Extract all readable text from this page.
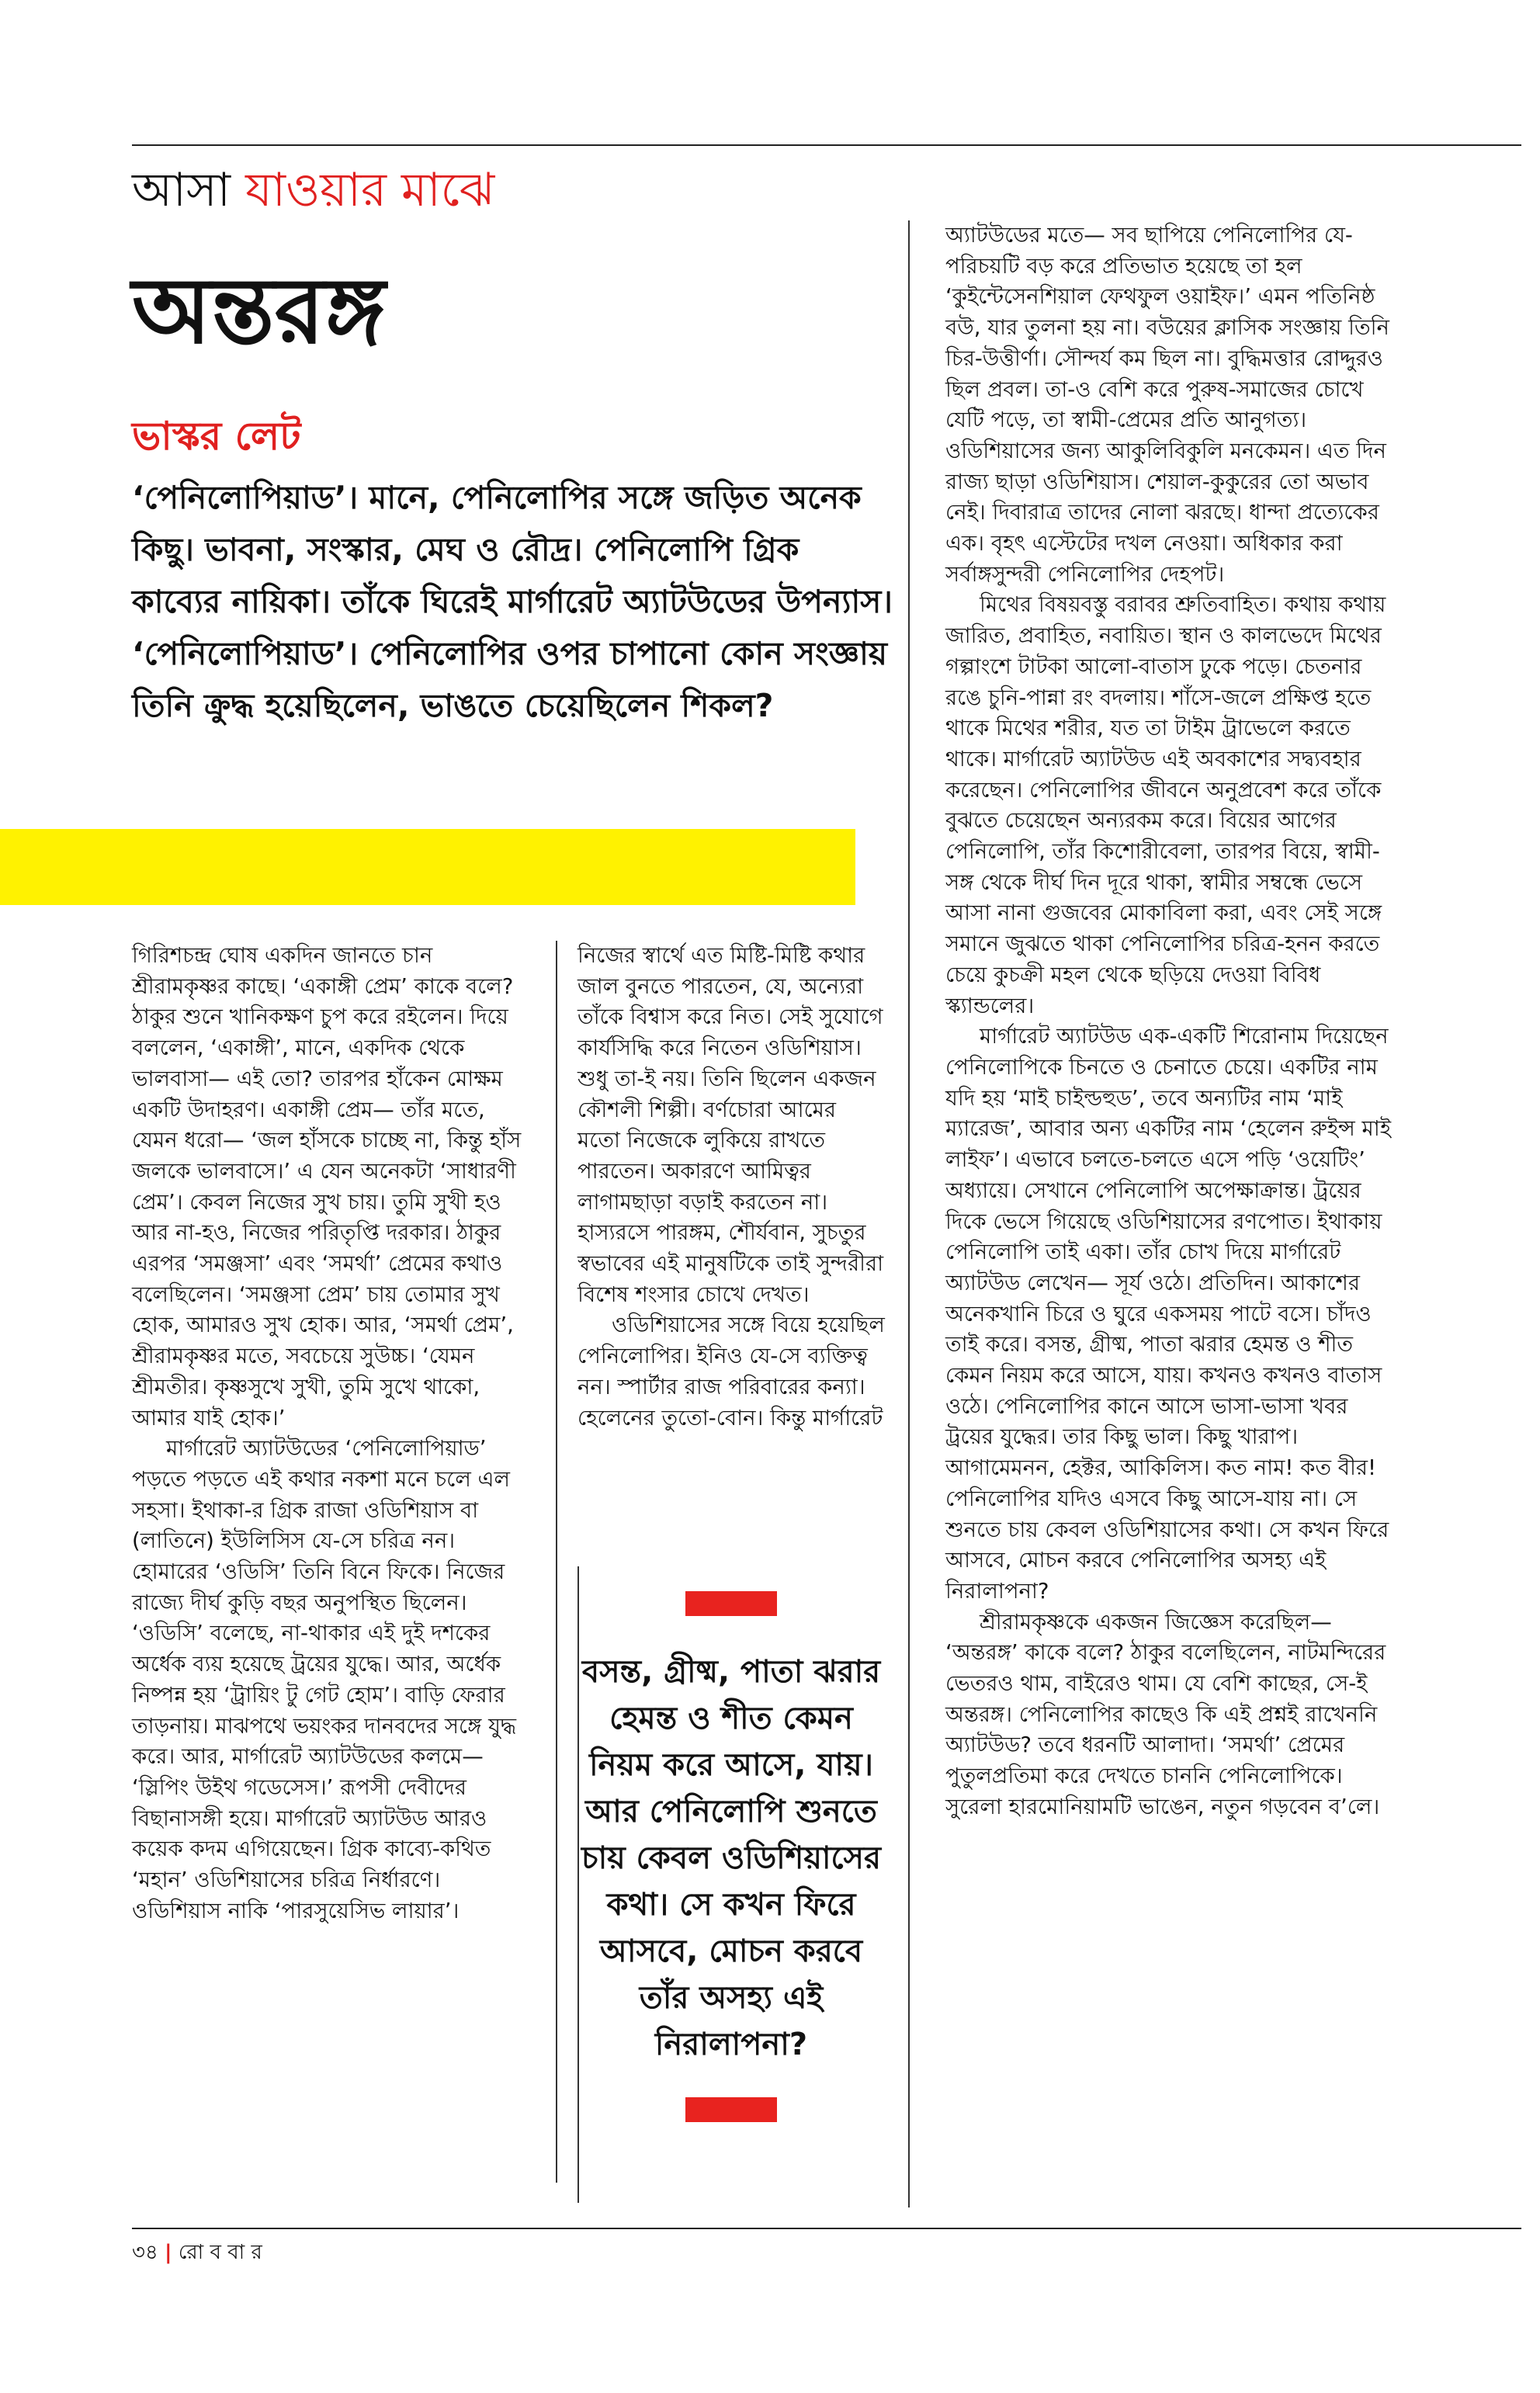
আসা যাওয়ার মাঝে
অন্তরঙ্গ
ভাস্কর লেট
‘পেনিলোপিয়াড’। মানে, পেনিলোপির সঙ্গে জড়িত অনেক কিছু। ভাবনা, সংস্কার, মেঘ ও রৌদ্র। পেনিলোপি গ্রিক কাব্যের নায়িকা। তাঁকে ঘিরেই মার্গারেট অ্যাটউডের উপন্যাস। ‘পেনিলোপিয়াড’। পেনিলোপির ওপর চাপানো কোন সংজ্ঞায় তিনি ক্রুদ্ধ হয়েছিলেন, ভাঙতে চেয়েছিলেন শিকল?

গিরিশচন্দ্র ঘোষ একদিন জানতে চান শ্রীরামকৃষ্ণর কাছে। ‘একাঙ্গী প্রেম’ কাকে বলে? ঠাকুর শুনে খানিকক্ষণ চুপ করে রইলেন। দিয়ে বললেন, ‘একাঙ্গী’, মানে, একদিক থেকে ভালবাসা— এই তো? তারপর হাঁকেন মোক্ষম একটি উদাহরণ। একাঙ্গী প্রেম— তাঁর মতে, যেমন ধরো— ‘জল হাঁসকে চাচ্ছে না, কিন্তু হাঁস জলকে ভালবাসে।’ এ যেন অনেকটা ‘সাধারণী প্রেম’। কেবল নিজের সুখ চায়। তুমি সুখী হও আর না-হও, নিজের পরিতৃপ্তি দরকার। ঠাকুর এরপর ‘সমঞ্জসা’ এবং ‘সমর্থা’ প্রেমের কথাও বলেছিলেন। ‘সমঞ্জসা প্রেম’ চায় তোমার সুখ হোক, আমারও সুখ হোক। আর, ‘সমর্থা প্রেম’, শ্রীরামকৃষ্ণর মতে, সবচেয়ে সুউচ্চ। ‘যেমন শ্রীমতীর। কৃষ্ণসুখে সুখী, তুমি সুখে থাকো, আমার যাই হোক।’

মার্গারেট অ্যাটউডের ‘পেনিলোপিয়াড’ পড়তে পড়তে এই কথার নকশা মনে চলে এল সহসা। ইথাকা-র গ্রিক রাজা ওডিশিয়াস বা (লাতিনে) ইউলিসিস যে-সে চরিত্র নন। হোমারের ‘ওডিসি’ তিনি বিনে ফিকে। নিজের রাজ্যে দীর্ঘ কুড়ি বছর অনুপস্থিত ছিলেন। ‘ওডিসি’ বলেছে, না-থাকার এই দুই দশকের অর্ধেক ব্যয় হয়েছে ট্রয়ের যুদ্ধে। আর, অর্ধেক নিষ্পন্ন হয় ‘ট্রায়িং টু গেট হোম’। বাড়ি ফেরার তাড়নায়। মাঝপথে ভয়ংকর দানবদের সঙ্গে যুদ্ধ করে। আর, মার্গারেট অ্যাটউডের কলমে— ‘স্লিপিং উইথ গডেসেস।’ রূপসী দেবীদের বিছানাসঙ্গী হয়ে। মার্গারেট অ্যাটউড আরও কয়েক কদম এগিয়েছেন। গ্রিক কাব্যে-কথিত ‘মহান’ ওডিশিয়াসের চরিত্র নির্ধারণে। ওডিশিয়াস নাকি ‘পারসুয়েসিভ লায়ার’।

নিজের স্বার্থে এত মিষ্টি-মিষ্টি কথার জাল বুনতে পারতেন, যে, অন্যেরা তাঁকে বিশ্বাস করে নিত। সেই সুযোগে কার্যসিদ্ধি করে নিতেন ওডিশিয়াস। শুধু তা-ই নয়। তিনি ছিলেন একজন কৌশলী শিল্পী। বর্ণচোরা আমের মতো নিজেকে লুকিয়ে রাখতে পারতেন। অকারণে আমিত্বর লাগামছাড়া বড়াই করতেন না। হাস্যরসে পারঙ্গম, শৌর্যবান, সুচতুর স্বভাবের এই মানুষটিকে তাই সুন্দরীরা বিশেষ শংসার চোখে দেখত।

ওডিশিয়াসের সঙ্গে বিয়ে হয়েছিল পেনিলোপির। ইনিও যে-সে ব্যক্তিত্ব নন। স্পার্টার রাজ পরিবারের কন্যা। হেলেনের তুতো-বোন। কিন্তু মার্গারেট

বসন্ত, গ্রীষ্ম, পাতা ঝরার হেমন্ত ও শীত কেমন নিয়ম করে আসে, যায়। আর পেনিলোপি শুনতে চায় কেবল ওডিশিয়াসের কথা। সে কখন ফিরে আসবে, মোচন করবে তাঁর অসহ্য এই নিরালাপনা?

অ্যাটউডের মতে— সব ছাপিয়ে পেনিলোপির যে-পরিচয়টি বড় করে প্রতিভাত হয়েছে তা হল ‘কুইন্টেসেনশিয়াল ফেথফুল ওয়াইফ।’ এমন পতিনিষ্ঠ বউ, যার তুলনা হয় না। বউয়ের ক্লাসিক সংজ্ঞায় তিনি চির-উত্তীর্ণা। সৌন্দর্য কম ছিল না। বুদ্ধিমত্তার রোদ্দুরও ছিল প্রবল। তা-ও বেশি করে পুরুষ-সমাজের চোখে যেটি পড়ে, তা স্বামী-প্রেমের প্রতি আনুগত্য। ওডিশিয়াসের জন্য আকুলিবিকুলি মনকেমন। এত দিন রাজ্য ছাড়া ওডিশিয়াস। শেয়াল-কুকুরের তো অভাব নেই। দিবারাত্র তাদের নোলা ঝরছে। ধান্দা প্রত্যেকের এক। বৃহৎ এস্টেটের দখল নেওয়া। অধিকার করা সর্বাঙ্গসুন্দরী পেনিলোপির দেহপট।

মিথের বিষয়বস্তু বরাবর শ্রুতিবাহিত। কথায় কথায় জারিত, প্রবাহিত, নবায়িত। স্থান ও কালভেদে মিথের গল্পাংশে টাটকা আলো-বাতাস ঢুকে পড়ে। চেতনার রঙে চুনি-পান্না রং বদলায়। শাঁসে-জলে প্রক্ষিপ্ত হতে থাকে মিথের শরীর, যত তা টাইম ট্রাভেলে করতে থাকে। মার্গারেট অ্যাটউড এই অবকাশের সদ্ব্যবহার করেছেন। পেনিলোপির জীবনে অনুপ্রবেশ করে তাঁকে বুঝতে চেয়েছেন অন্যরকম করে। বিয়ের আগের পেনিলোপি, তাঁর কিশোরীবেলা, তারপর বিয়ে, স্বামী-সঙ্গ থেকে দীর্ঘ দিন দূরে থাকা, স্বামীর সম্বন্ধে ভেসে আসা নানা গুজবের মোকাবিলা করা, এবং সেই সঙ্গে সমানে জুঝতে থাকা পেনিলোপির চরিত্র-হনন করতে চেয়ে কুচক্রী মহল থেকে ছড়িয়ে দেওয়া বিবিধ স্ক্যান্ডলের।

মার্গারেট অ্যাটউড এক-একটি শিরোনাম দিয়েছেন পেনিলোপিকে চিনতে ও চেনাতে চেয়ে। একটির নাম যদি হয় ‘মাই চাইল্ডহুড’, তবে অন্যটির নাম ‘মাই ম্যারেজ’, আবার অন্য একটির নাম ‘হেলেন রুইন্স মাই লাইফ’। এভাবে চলতে-চলতে এসে পড়ি ‘ওয়েটিং’ অধ্যায়ে। সেখানে পেনিলোপি অপেক্ষাক্রান্ত। ট্রয়ের দিকে ভেসে গিয়েছে ওডিশিয়াসের রণপোত। ইথাকায় পেনিলোপি তাই একা। তাঁর চোখ দিয়ে মার্গারেট অ্যাটউড লেখেন— সূর্য ওঠে। প্রতিদিন। আকাশের অনেকখানি চিরে ও ঘুরে একসময় পাটে বসে। চাঁদও তাই করে। বসন্ত, গ্রীষ্ম, পাতা ঝরার হেমন্ত ও শীত কেমন নিয়ম করে আসে, যায়। কখনও কখনও বাতাস ওঠে। পেনিলোপির কানে আসে ভাসা-ভাসা খবর ট্রয়ের যুদ্ধের। তার কিছু ভাল। কিছু খারাপ। আগামেমনন, হেক্টর, আকিলিস। কত নাম! কত বীর! পেনিলোপির যদিও এসবে কিছু আসে-যায় না। সে শুনতে চায় কেবল ওডিশিয়াসের কথা। সে কখন ফিরে আসবে, মোচন করবে পেনিলোপির অসহ্য এই নিরালাপনা?

শ্রীরামকৃষ্ণকে একজন জিজ্ঞেস করেছিল— ‘অন্তরঙ্গ’ কাকে বলে? ঠাকুর বলেছিলেন, নাটমন্দিরের ভেতরও থাম, বাইরেও থাম। যে বেশি কাছের, সে-ই অন্তরঙ্গ। পেনিলোপির কাছেও কি এই প্রশ্নই রাখেননি অ্যাটউড? তবে ধরনটি আলাদা। ‘সমর্থা’ প্রেমের পুতুলপ্রতিমা করে দেখতে চাননি পেনিলোপিকে। সুরেলা হারমোনিয়ামটি ভাঙেন, নতুন গড়বেন ব’লে।

৩৪ | রো ব বা র
